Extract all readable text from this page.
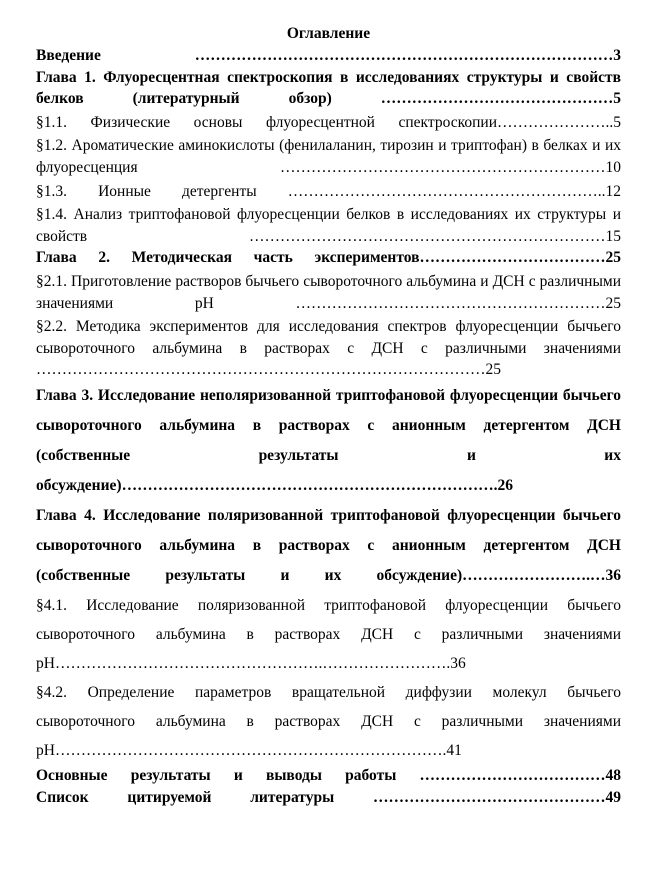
Оглавление
Введение ………………………………………………………………………3
Глава 1. Флуоресцентная спектроскопия в исследованиях структуры и свойств белков (литературный обзор) ………………………………………5
§1.1. Физические основы флуоресцентной спектроскопии…………………..5
§1.2. Ароматические аминокислоты (фенилаланин, тирозин и триптофан) в белках и их флуоресценция ………………………………………………………10
§1.3. Ионные детергенты ……………………………………………………..12
§1.4. Анализ триптофановой флуоресценции белков в исследованиях их структуры и свойств ……………………………………………………………15
Глава 2. Методическая часть экспериментов………………………………25
§2.1. Приготовление растворов бычьего сывороточного альбумина и ДСН с различными значениями pH ……………………………………………………25
§2.2. Методика экспериментов для исследования спектров флуоресценции бычьего сывороточного альбумина в растворах с ДСН с различными значениями ……………………………………………………………………………25
Глава 3. Исследование неполяризованной триптофановой флуоресценции бычьего сывороточного альбумина в растворах с анионным детергентом ДСН (собственные результаты и их обсуждение)……………………………………………………………….26
Глава 4. Исследование поляризованной триптофановой флуоресценции бычьего сывороточного альбумина в растворах с анионным детергентом ДСН (собственные результаты и их обсуждение)…………………….…36
§4.1. Исследование поляризованной триптофановой флуоресценции бычьего сывороточного альбумина в растворах ДСН с различными значениями pH…………………………………………….…………………….36
§4.2. Определение параметров вращательной диффузии молекул бычьего сывороточного альбумина в растворах ДСН с различными значениями pH………………………………………………………………….41
Основные результаты и выводы работы ………………………………48
Список цитируемой литературы ………………………………………49
